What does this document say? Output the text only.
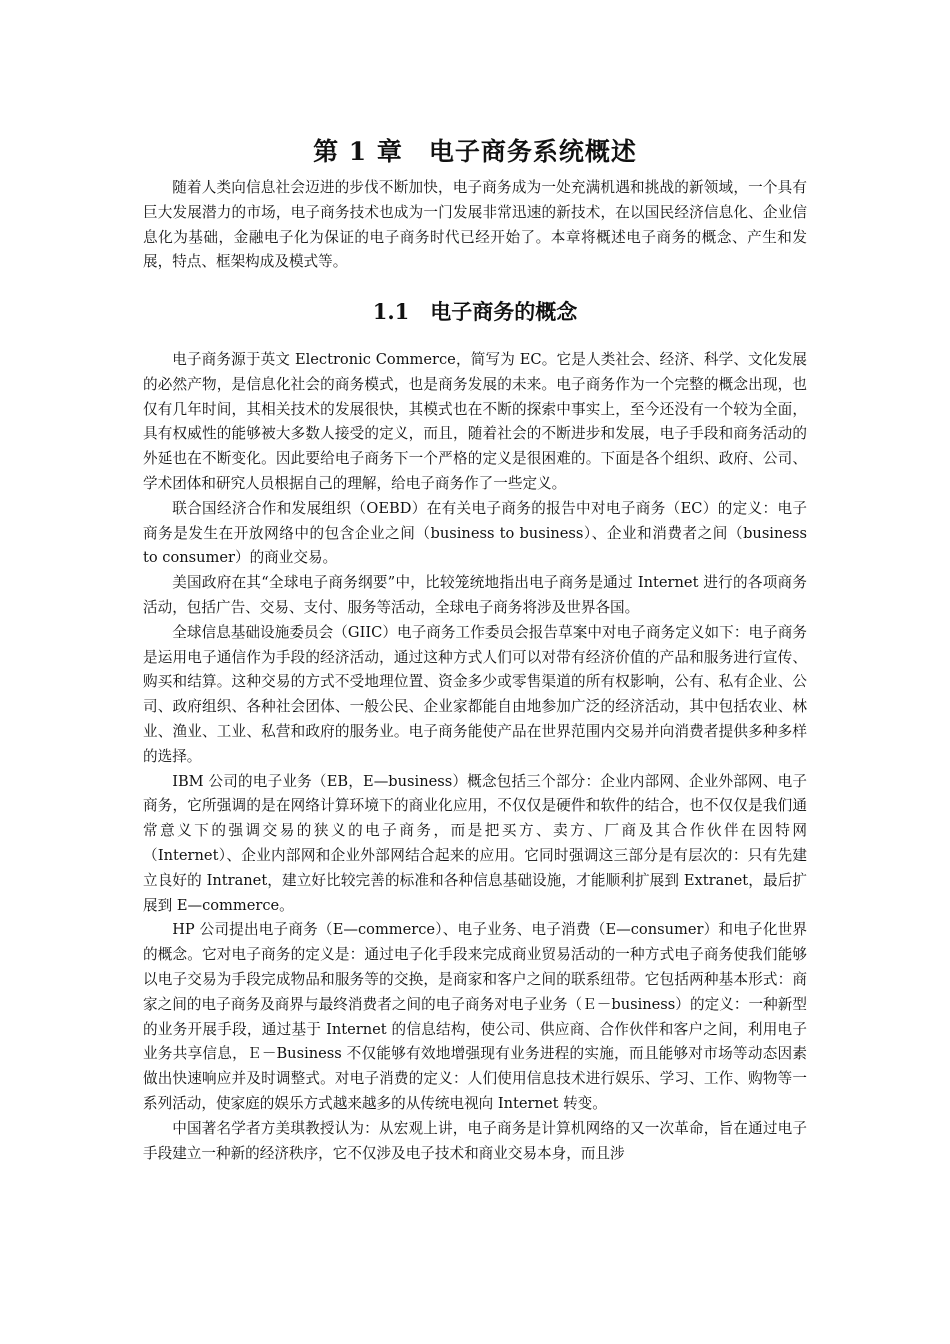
第 1 章　电子商务系统概述

随着人类向信息社会迈进的步伐不断加快，电子商务成为一处充满机遇和挑战的新领域，一个具有巨大发展潜力的市场，电子商务技术也成为一门发展非常迅速的新技术，在以国民经济信息化、企业信息化为基础，金融电子化为保证的电子商务时代已经开始了。本章将概述电子商务的概念、产生和发展，特点、框架构成及模式等。

1.1　电子商务的概念

电子商务源于英文 Electronic Commerce，简写为 EC。它是人类社会、经济、科学、文化发展的必然产物，是信息化社会的商务模式，也是商务发展的未来。电子商务作为一个完整的概念出现，也仅有几年时间，其相关技术的发展很快，其模式也在不断的探索中事实上，至今还没有一个较为全面，具有权威性的能够被大多数人接受的定义，而且，随着社会的不断进步和发展，电子手段和商务活动的外延也在不断变化。因此要给电子商务下一个严格的定义是很困难的。下面是各个组织、政府、公司、学术团体和研究人员根据自己的理解，给电子商务作了一些定义。

联合国经济合作和发展组织（OEBD）在有关电子商务的报告中对电子商务（EC）的定义：电子商务是发生在开放网络中的包含企业之间（business to business）、企业和消费者之间（business to consumer）的商业交易。

美国政府在其“全球电子商务纲要”中，比较笼统地指出电子商务是通过 Internet 进行的各项商务活动，包括广告、交易、支付、服务等活动，全球电子商务将涉及世界各国。

全球信息基础设施委员会（GIIC）电子商务工作委员会报告草案中对电子商务定义如下：电子商务是运用电子通信作为手段的经济活动，通过这种方式人们可以对带有经济价值的产品和服务进行宣传、购买和结算。这种交易的方式不受地理位置、资金多少或零售渠道的所有权影响，公有、私有企业、公司、政府组织、各种社会团体、一般公民、企业家都能自由地参加广泛的经济活动，其中包括农业、林业、渔业、工业、私营和政府的服务业。电子商务能使产品在世界范围内交易并向消费者提供多种多样的选择。

IBM 公司的电子业务（EB，E—business）概念包括三个部分：企业内部网、企业外部网、电子商务，它所强调的是在网络计算环境下的商业化应用，不仅仅是硬件和软件的结合，也不仅仅是我们通常意义下的强调交易的狭义的电子商务，而是把买方、卖方、厂商及其合作伙伴在因特网（Internet）、企业内部网和企业外部网结合起来的应用。它同时强调这三部分是有层次的：只有先建立良好的 Intranet，建立好比较完善的标准和各种信息基础设施，才能顺利扩展到 Extranet，最后扩展到 E—commerce。

HP 公司提出电子商务（E—commerce）、电子业务、电子消费（E—consumer）和电子化世界的概念。它对电子商务的定义是：通过电子化手段来完成商业贸易活动的一种方式电子商务使我们能够以电子交易为手段完成物品和服务等的交换，是商家和客户之间的联系纽带。它包括两种基本形式：商家之间的电子商务及商界与最终消费者之间的电子商务对电子业务（Ｅ－business）的定义：一种新型的业务开展手段，通过基于 Internet 的信息结构，使公司、供应商、合作伙伴和客户之间，利用电子业务共享信息，Ｅ－Business 不仅能够有效地增强现有业务进程的实施，而且能够对市场等动态因素做出快速响应并及时调整式。对电子消费的定义：人们使用信息技术进行娱乐、学习、工作、购物等一系列活动，使家庭的娱乐方式越来越多的从传统电视向 Internet 转变。

中国著名学者方美琪教授认为：从宏观上讲，电子商务是计算机网络的又一次革命，旨在通过电子手段建立一种新的经济秩序，它不仅涉及电子技术和商业交易本身，而且涉
